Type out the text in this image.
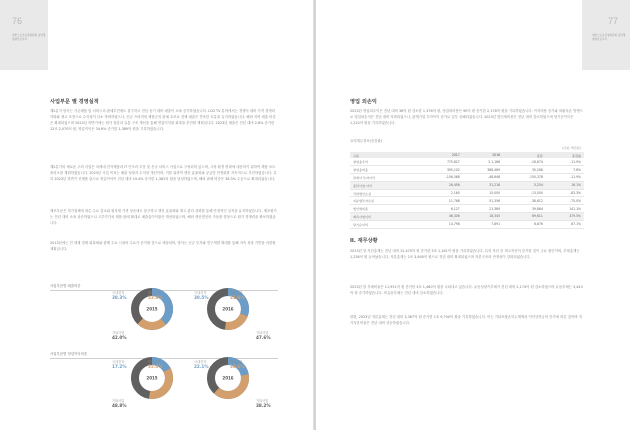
76
대한스포츠공정위원회 중앙경영평가보고서
사업부문 별 경영실적
제2분기 당사는 기존제품 및 서비스의 판매부진에도 불구하고 전년 동기 대비 매출이 소폭 증가하였습니다. LCD TV 분야에서는 경쟁사 대비 가격 경쟁력 약화와 재고 조정으로 수익성이 다소 하락하였으나, 신규 프리미엄 제품군의 판매 호조로 전체 매출은 견조한 흐름을 유지하였습니다. 해외 지역 매출 비중은 확대되었으며 2023년 하반기에는 원가 절감과 유통 구조 개선을 통해 영업이익률 회복을 추진할 계획입니다. 2023년 매출은 전년 대비 2.8% 증가한 12조 2,070억 원, 영업이익은 34.6% 증가한 1,389억 원을 기록하였습니다.
제2분기의 새로운 주력 사업은 차세대 전자제품과 IT 인프라 부문 및 신규 서비스 사업으로 구성되어 있으며, 시장 환경 변화에 대응하기 위하여 제품 포트폴리오를 재편하였습니다. 2023년 사업 목표는 매출 성장과 수익성 개선이며, 이를 위하여 생산 효율화와 공급망 안정화를 지속적으로 추진하였습니다. 특히 2023년 하반기 신제품 출시로 영업이익이 전년 대비 19.4% 증가한 1,381억 원을 달성하였으며, 해외 판매 비중은 38.3% 수준으로 확대되었습니다.
제조부문은 경기침체에 따른 수요 감소와 원자재 가격 상승에도 불구하고 생산 효율화와 재고 관리 강화를 통해 안정적인 실적을 유지하였습니다. 제조원가는 전년 대비 소폭 상승하였으나 고부가가치 제품 판매 확대로 매출총이익률은 개선되었으며, 해외 생산법인의 가동률 향상으로 원가 경쟁력을 확보하였습니다.
2013년에는 전 세계 경제 회복세와 함께 주요 시장의 수요가 증가할 것으로 예상되며, 당사는 신규 투자와 연구개발 확대를 통해 지속 성장 기반을 마련할 계획입니다.
사업부문별 매출비중
2015	2016
국내전자
38.3%
해외전자
23.8%
기타사업
42.0%
국내전자
30.5%
해외전자
21.8%
기타사업
47.6%
사업부문별 영업이익비중
2015	2016
국내전자
17.2%
해외전자
35.0%
기타사업
48.8%
국내전자
22.1%
해외전자
39.6%
기타사업
38.2%
77
대한스포츠공정위원회 중앙경영평가보고서
영업 외손익
2023년 영업외수익은 전년 대비 36억 원 감소한 1,376억 원, 영업외비용은 90억 원 증가한 2,178억 원을 기록하였습니다. 이자비용 증가와 외환차손 발생으로 영업외손익은 전년 대비 악화되었으나, 관계기업 투자이익 증가로 일부 상쇄되었습니다. 2023년 법인세비용은 전년 대비 감소하였으며 당기순이익은 1,210억 원을 기록하였습니다.
요약재무정보(증감률)
(단위: 백만원)
구분	2017	2016	증감	증감률
영업총수익	775,827	2.1,166	-18,874	-11.9%
영업총비용	395,102	388,489	30,268	7.8%
관계사 투자이익	-106,568	-48,646	-150,378	-11.9%
중단사업 이익	26,456	31,218	5,254	16.1%
국외법인손실	2,160	15,000	-13,000	-83.3%
지분법투자손실	11,768	51,356	-38,612	-75.0%
법인세비용	6,127	21,389	39,864	141.1%
계속사업이익	46,306	18,345	69,611	379.5%
당기순이익	14,798	7,891	6,876	87.1%
II. 재무상황
2023년 말 자산총계는 전년 대비 12,470억 원 증가한 5조 1,161억 원을 기록하였습니다. 특히 자산 중 재고자산이 증가한 것이 주요 원인이며, 부채총계는 1,236억 원 늘어났습니다. 자본총계는 2조 3,640억 원으로 전년 대비 확대되었으며 자본구조의 안정성이 강화되었습니다.
2023년 말 부채비율은 11,951억 원 증가한 3조 1,460억 원을 나타내고 있습니다. 유동성장기부채가 전년 대비 2,174억 원 감소하였으며 유동부채는 3,443억 원 증가하였습니다. 비유동부채는 전년 대비 감소하였습니다.
한편, 2023년 자본총계는 전년 대비 3,367억 원 증가한 1조 9,700억 원을 기록하였습니다. 이는 기타포괄손익누계액과 이익잉여금의 증가에 따른 것이며 자기자본비율은 전년 대비 상승하였습니다.
